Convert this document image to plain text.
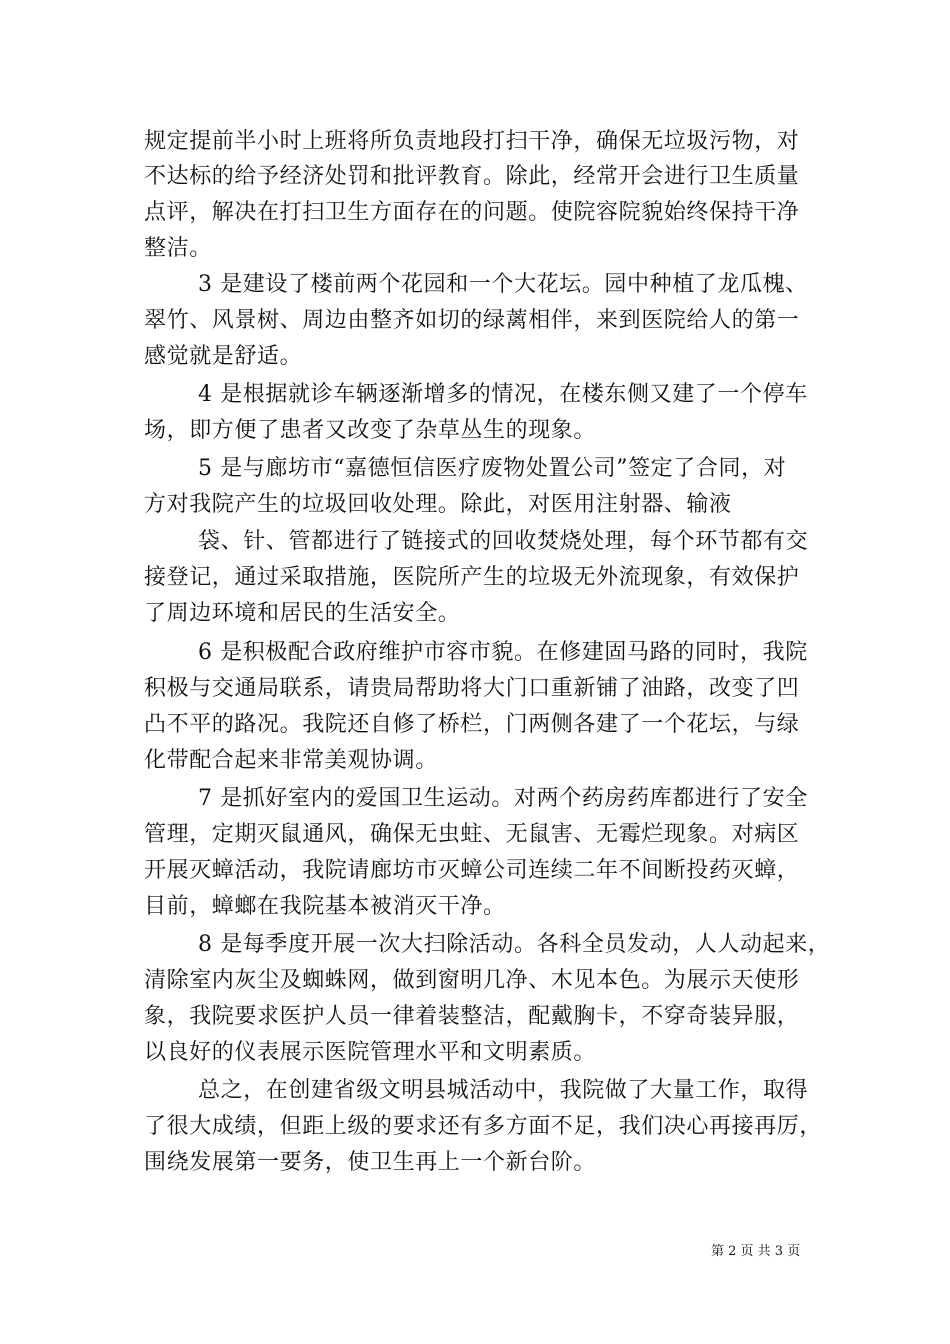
规定提前半小时上班将所负责地段打扫干净，确保无垃圾污物，对
不达标的给予经济处罚和批评教育。除此，经常开会进行卫生质量
点评，解决在打扫卫生方面存在的问题。使院容院貌始终保持干净
整洁。
3 是建设了楼前两个花园和一个大花坛。园中种植了龙瓜槐、
翠竹、风景树、周边由整齐如切的绿蓠相伴，来到医院给人的第一
感觉就是舒适。
4 是根据就诊车辆逐渐增多的情况，在楼东侧又建了一个停车
场，即方便了患者又改变了杂草丛生的现象。
5 是与廊坊市“嘉德恒信医疗废物处置公司”签定了合同，对
方对我院产生的垃圾回收处理。除此，对医用注射器、输液
袋、针、管都进行了链接式的回收焚烧处理，每个环节都有交
接登记，通过采取措施，医院所产生的垃圾无外流现象，有效保护
了周边环境和居民的生活安全。
6 是积极配合政府维护市容市貌。在修建固马路的同时，我院
积极与交通局联系，请贵局帮助将大门口重新铺了油路，改变了凹
凸不平的路况。我院还自修了桥栏，门两侧各建了一个花坛，与绿
化带配合起来非常美观协调。
7 是抓好室内的爱国卫生运动。对两个药房药库都进行了安全
管理，定期灭鼠通风，确保无虫蛀、无鼠害、无霉烂现象。对病区
开展灭蟑活动，我院请廊坊市灭蟑公司连续二年不间断投药灭蟑，
目前，蟑螂在我院基本被消灭干净。
8 是每季度开展一次大扫除活动。各科全员发动，人人动起来，
清除室内灰尘及蜘蛛网，做到窗明几净、木见本色。为展示天使形
象，我院要求医护人员一律着装整洁，配戴胸卡，不穿奇装异服，
以良好的仪表展示医院管理水平和文明素质。
总之，在创建省级文明县城活动中，我院做了大量工作，取得
了很大成绩，但距上级的要求还有多方面不足，我们决心再接再厉，
围绕发展第一要务，使卫生再上一个新台阶。
第 2 页 共 3 页
